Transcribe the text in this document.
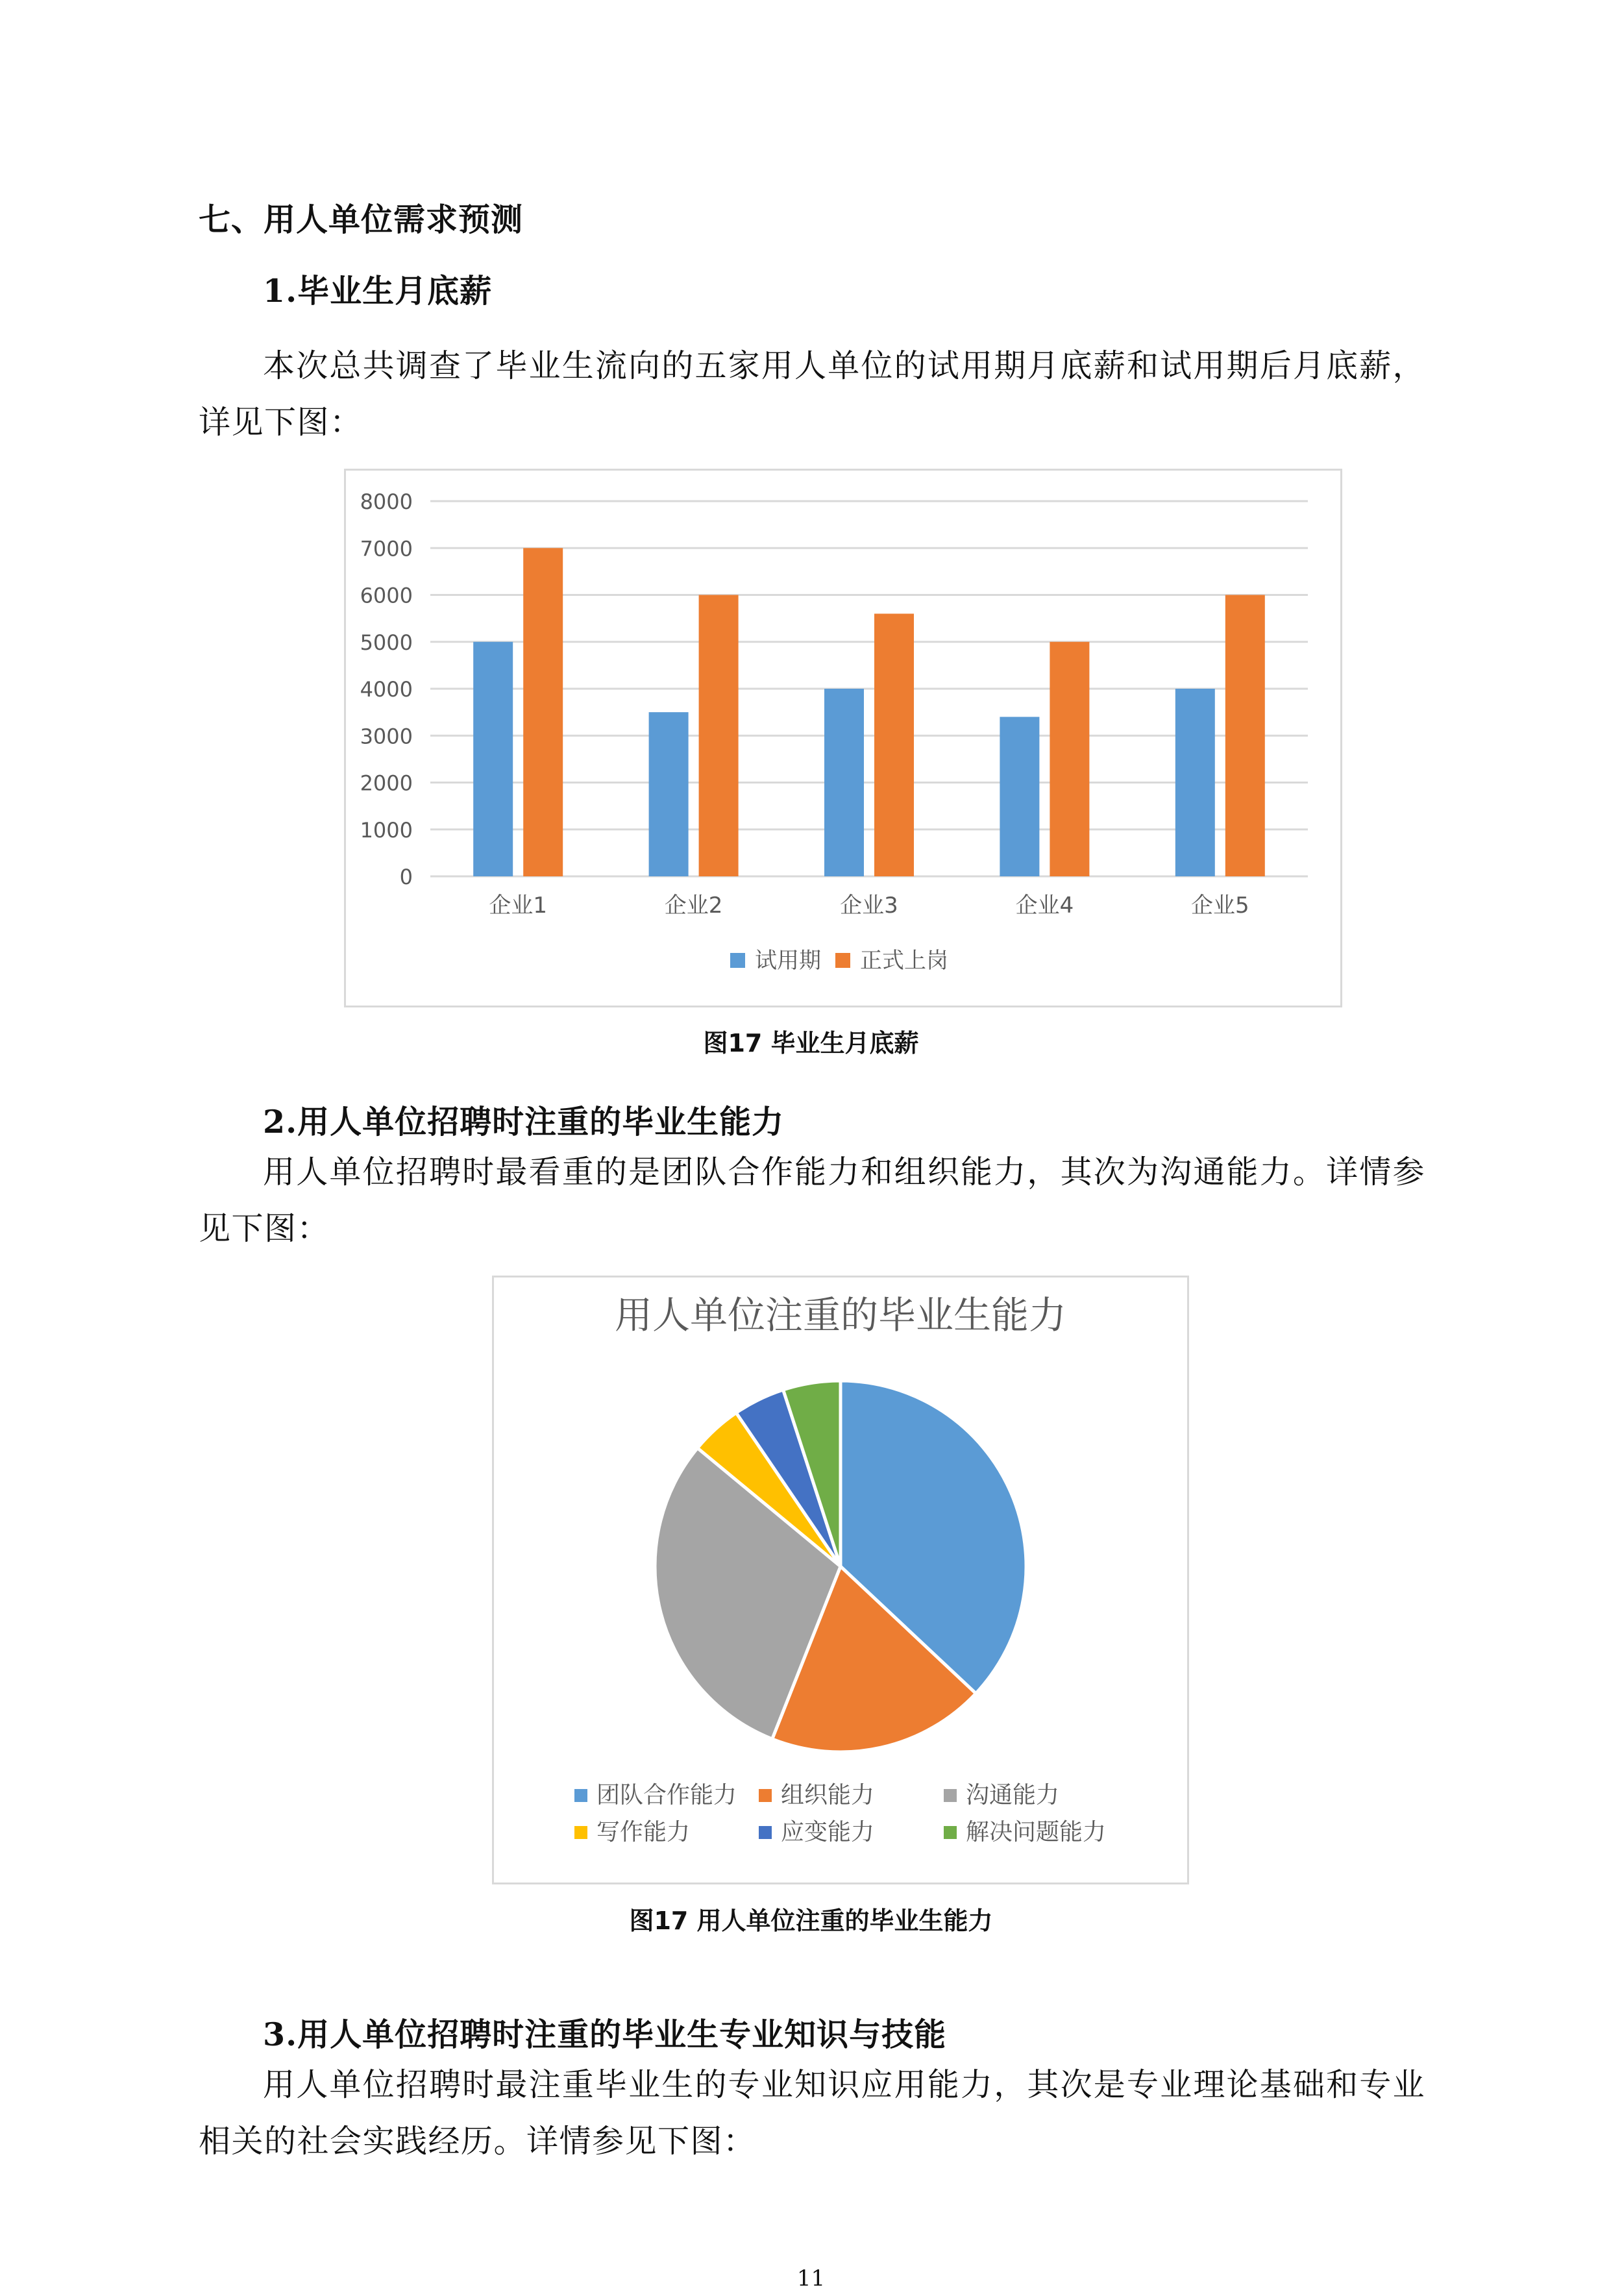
七、用人单位需求预测
1.毕业生月底薪

本次总共调查了毕业生流向的五家用人单位的试用期月底薪和试用期后月底薪，详见下图：

0
1000
2000
3000
4000
5000
6000
7000
8000
企业1	企业2	企业3	企业4	企业5
试用期 正式上岗
图17 毕业生月底薪
2.用人单位招聘时注重的毕业生能力

用人单位招聘时最看重的是团队合作能力和组织能力，其次为沟通能力。详情参见下图：

用人单位注重的毕业生能力
团队合作能力 组织能力	沟通能力
写作能力	应变能力	解决问题能力
图17 用人单位注重的毕业生能力
3.用人单位招聘时注重的毕业生专业知识与技能

用人单位招聘时最注重毕业生的专业知识应用能力，其次是专业理论基础和专业相关的社会实践经历。详情参见下图：

11
